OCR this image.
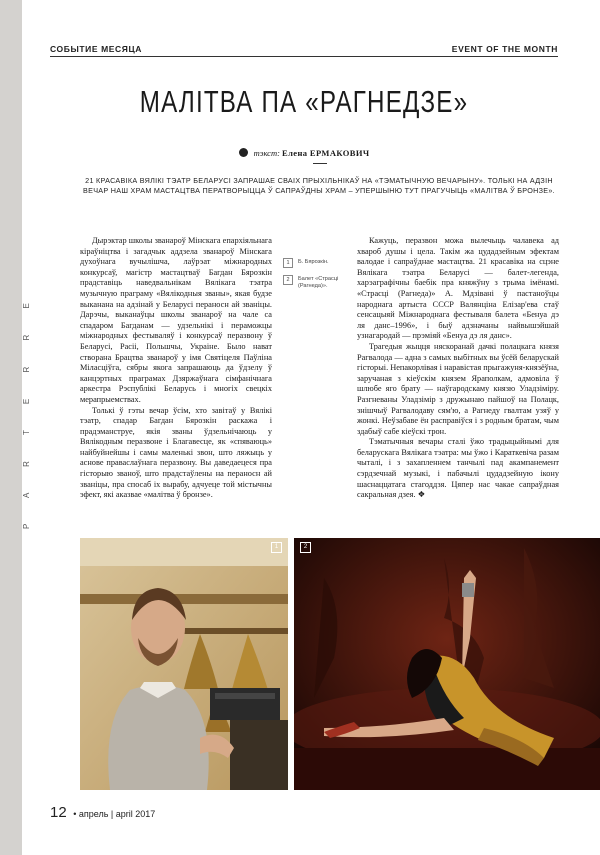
P A R T E R R E
СОБЫТИЕ МЕСЯЦА	EVENT OF THE MONTH
МАЛІТВА ПА «РАГНЕДЗЕ»
тэкст: Елена ЕРМАКОВИЧ
21 КРАСАВІКА ВЯЛІКІ ТЭАТР БЕЛАРУСІ ЗАПРАШАЕ СВАІХ ПРЫХІЛЬНІКАЎ НА «ТЭМАТЫЧНУЮ ВЕЧАРЫНУ». ТОЛЬКІ НА АДЗІН ВЕЧАР НАШ ХРАМ МАСТАЦТВА ПЕРАТВОРЫЦЦА Ў САПРАЎДНЫ ХРАМ – УПЕРШЫНЮ ТУТ ПРАГУЧЫЦЬ «МАЛІТВА Ў БРОНЗЕ».

Дырэктар школы званароў Мінскага епархіяльнага кіраўніцтва і загадчык аддзела званароў Мінскага духоўнага вучылішча, лаўрэат міжнародных конкурсаў, магістр мастацтваў Багдан Бярозкін прадставіць наведвальнікам Вялікага тэатра музычную праграму «Вялікодныя званы», якая будзе выканана на адзінай у Беларусі пераносн ай званіцы. Дарэчы, выканаўцы школы званароў на чале са спадаром Багданам — удзельнікі і пераможцы міжнародных фестываляў і конкурсаў перазвону ў Беларусі, Расіі, Польшчы, Украіне. Было нават створана Брацтва званароў у імя Святіцеля Паўліна Міласціўга, сябры якога запрашаюць да ўдзелу ў канцэртных праграмах Дзяржаўнага сімфанічнага аркестра Рэспублікі Беларусь і многіх свецкіх мерапрыемствах.

Толькі ў гэты вечар ўсім, хто завітаў у Вялікі тэатр, спадар Багдан Бярозкін раскажа і прадэманструе, якія званы ўдзельнічаюць у Вялікодным перазвоне і Благавесце, як «спяваюць» найбуйнейшы і самы маленькі звон, што ляжыць у аснове праваслаўнага перазвону. Вы даведаецеся пра гісторыю званоў, што прадстаўлены на пераносн ай званіцы, пра спосаб іх вырабу, адчуеце той містычны эфект, які аказвае «малітва ў бронзе».

1	Б. Бярозкін.
2	Балет «Страсці (Рагнеда)».

Кажуць, перазвон можа вылечыць чалавека ад хвароб душы і цела. Такім жа цудадзейным эфектам валодае і сапраўднае мастацтва. 21 красавіка на сцэне Вялікага тэатра Беларусі — балет-легенда, харэаграфічны баебік пра княжўну з трыма імёнамі. «Страсці (Рагнеда)» А. Мдзівані ў пастаноўцы народнага артыста СССР Валянціна Елізар'ева стаў сенсацыяй Міжнароднага фестываля балета «Бенуа дэ ля данс–1996», і быў адзначаны найвышэйшай узнагародай — прэміяй «Бенуа дэ ля данс».

Трагедыя жыцця няскоранай дачкі полацкага князя Рагвалода — адна з самых выбітных вы ўсёй беларускай гісторыі. Непакорлівая і наравістая прыгажуня-князёўна, заручаная з кіеўскім князем Яраполкам, адмовіла ў шлюбе яго брату — наўгародскаму князю Уладзіміру. Разгневаны Уладзімір з дружынаю пайшоў на Полацк, знішчыў Рагвалодаву сям'ю, а Рагнеду гвалтам узяў у жонкі. Неўзабаве ён расправіўся і з родным братам, чым здабыў сабе кіеўскі трон.

Тэматычныя вечары сталі ўжо традыцыйнымі для беларускага Вялікага тэатра: мы ўжо і Караткевіча разам чыталі, і з захапленнем танчылі пад акампанемент сэрдзечнай музыкі, і пабачылі цудадзейную ікону шаснаццатага стагоддзя. Цяпер нас чакае сапраўдная сакральная дзея. ❖

1	2
12 • апрель | april 2017
